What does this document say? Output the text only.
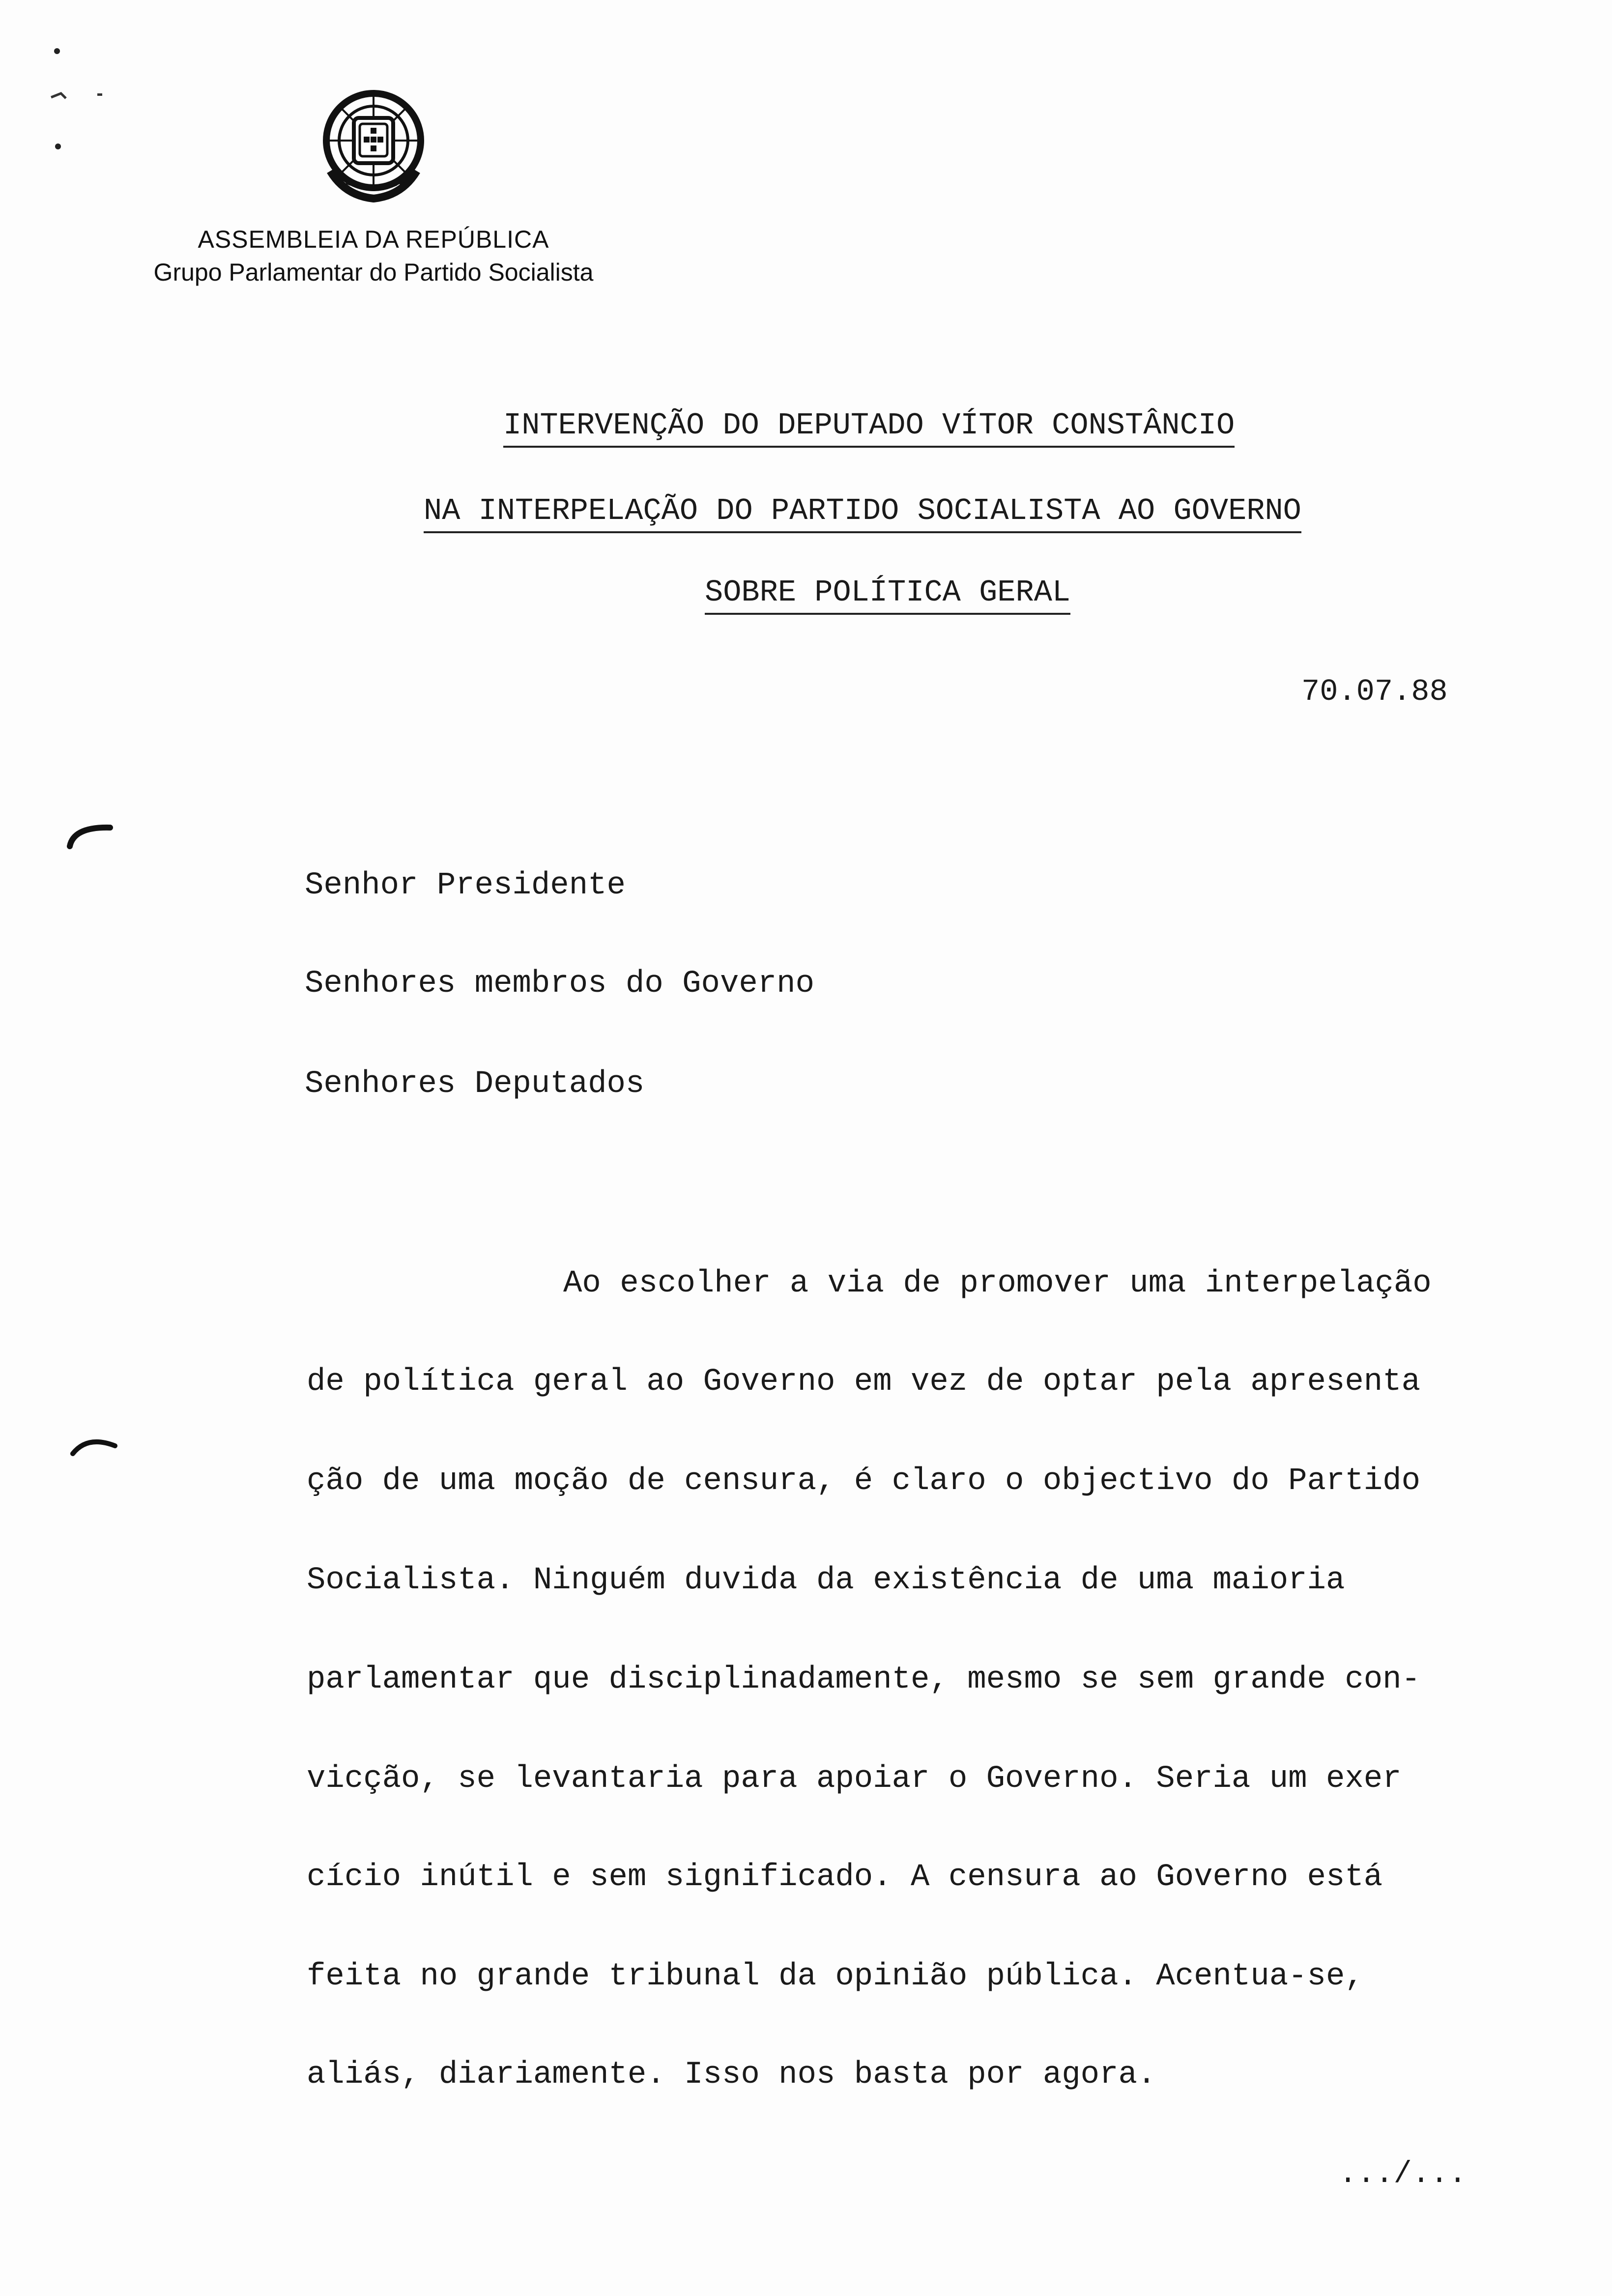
ASSEMBLEIA DA REPÚBLICA
Grupo Parlamentar do Partido Socialista
INTERVENÇÃO DO DEPUTADO VÍTOR CONSTÂNCIO
NA INTERPELAÇÃO DO PARTIDO SOCIALISTA AO GOVERNO
SOBRE POLÍTICA GERAL
70.07.88
Senhor Presidente
Senhores membros do Governo
Senhores Deputados
Ao escolher a via de promover uma interpelação
de política geral ao Governo em vez de optar pela apresenta
ção de uma moção de censura, é claro o objectivo do Partido
Socialista. Ninguém duvida da existência de uma maioria
parlamentar que disciplinadamente, mesmo se sem grande con-
vicção, se levantaria para apoiar o Governo. Seria um exer
cício inútil e sem significado. A censura ao Governo está
feita no grande tribunal da opinião pública. Acentua-se,
aliás, diariamente. Isso nos basta por agora.
.../...
